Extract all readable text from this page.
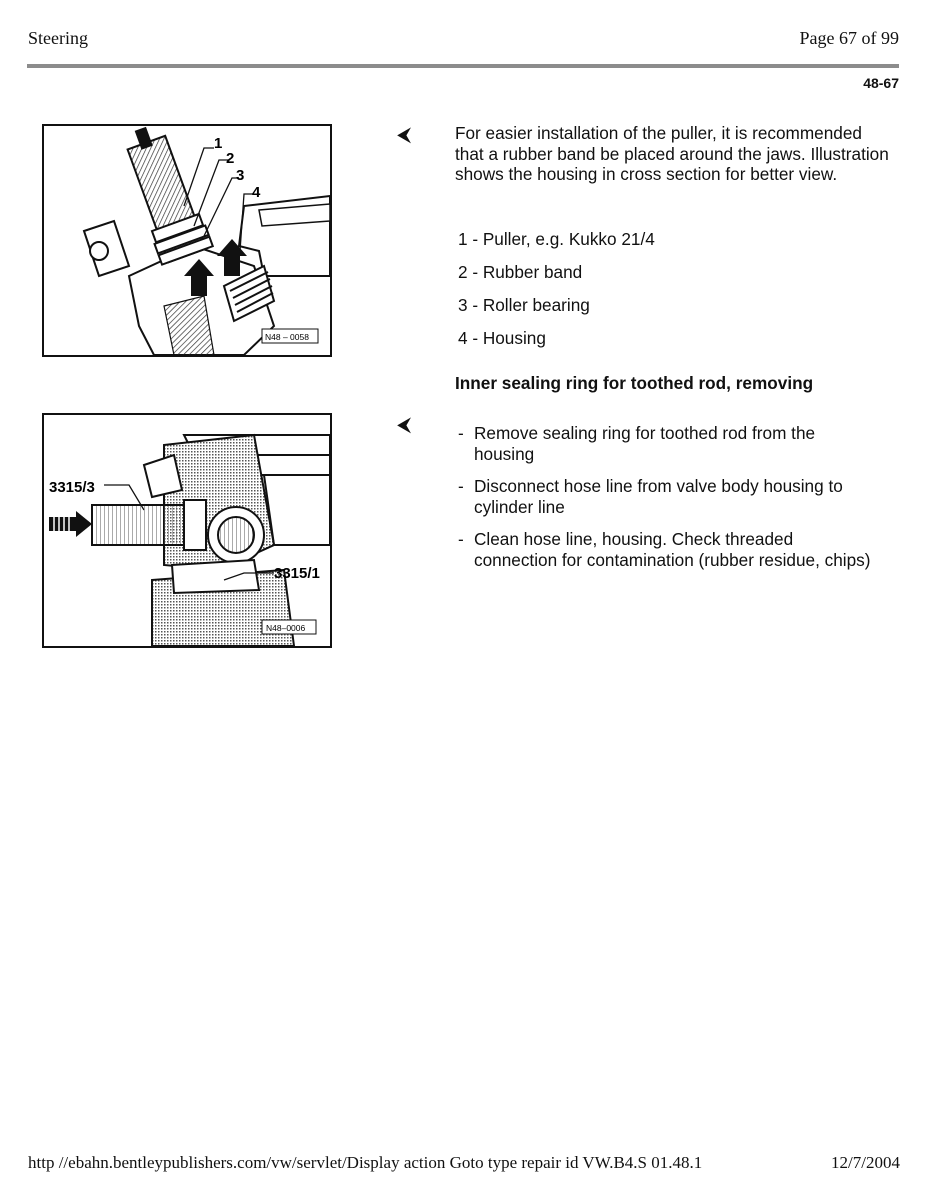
Steering	Page 67 of 99
48-67
1
2
3
4
N48 – 0058
3315/3
3315/1
N48–0006
⮜	For easier installation of the puller, it is recommended that a rubber band be placed around the jaws. Illustration shows the housing in cross section for better view.
1 - Puller, e.g. Kukko 21/4
2 - Rubber band
3 - Roller bearing
4 - Housing
Inner sealing ring for toothed rod, removing
⮜	- Remove sealing ring for toothed rod from the housing
- Disconnect hose line from valve body housing to cylinder line
- Clean hose line, housing. Check threaded connection for contamination (rubber residue, chips)
http //ebahn.bentleypublishers.com/vw/servlet/Display action Goto type repair id VW.B4.S 01.48.1	12/7/2004
